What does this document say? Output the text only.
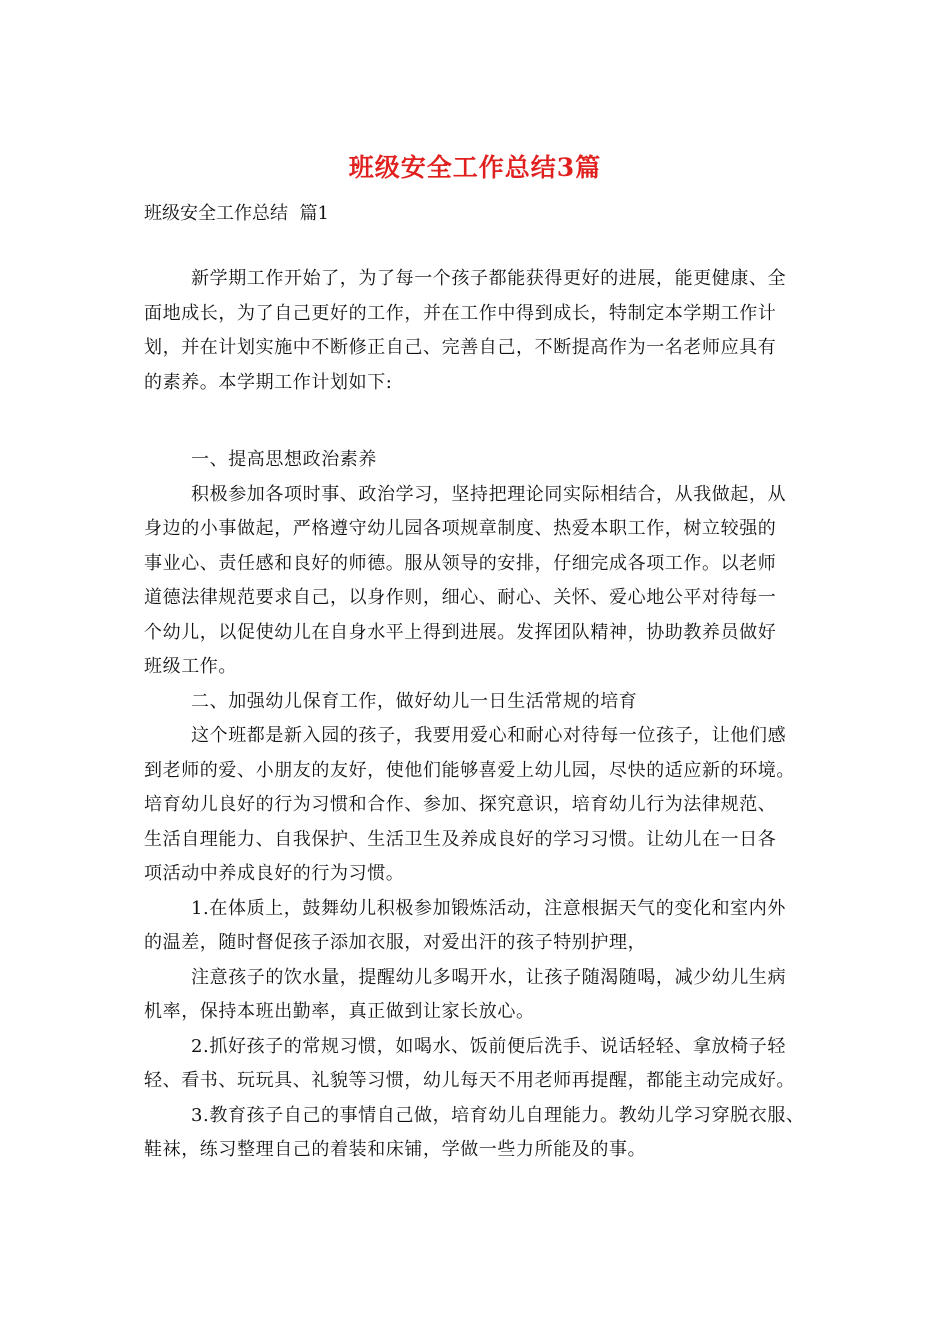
班级安全工作总结3篇
班级安全工作总结  篇1
新学期工作开始了，为了每一个孩子都能获得更好的进展，能更健康、全
面地成长，为了自己更好的工作，并在工作中得到成长，特制定本学期工作计
划，并在计划实施中不断修正自己、完善自己，不断提高作为一名老师应具有
的素养。本学期工作计划如下:
一、提高思想政治素养
积极参加各项时事、政治学习，坚持把理论同实际相结合，从我做起，从
身边的小事做起，严格遵守幼儿园各项规章制度、热爱本职工作，树立较强的
事业心、责任感和良好的师德。服从领导的安排，仔细完成各项工作。以老师
道德法律规范要求自己，以身作则，细心、耐心、关怀、爱心地公平对待每一
个幼儿，以促使幼儿在自身水平上得到进展。发挥团队精神，协助教养员做好
班级工作。
二、加强幼儿保育工作，做好幼儿一日生活常规的培育
这个班都是新入园的孩子，我要用爱心和耐心对待每一位孩子，让他们感
到老师的爱、小朋友的友好，使他们能够喜爱上幼儿园，尽快的适应新的环境。
培育幼儿良好的行为习惯和合作、参加、探究意识，培育幼儿行为法律规范、
生活自理能力、自我保护、生活卫生及养成良好的学习习惯。让幼儿在一日各
项活动中养成良好的行为习惯。
1.在体质上，鼓舞幼儿积极参加锻炼活动，注意根据天气的变化和室内外
的温差，随时督促孩子添加衣服，对爱出汗的孩子特别护理，
注意孩子的饮水量，提醒幼儿多喝开水，让孩子随渴随喝，减少幼儿生病
机率，保持本班出勤率，真正做到让家长放心。
2.抓好孩子的常规习惯，如喝水、饭前便后洗手、说话轻轻、拿放椅子轻
轻、看书、玩玩具、礼貌等习惯，幼儿每天不用老师再提醒，都能主动完成好。
3.教育孩子自己的事情自己做，培育幼儿自理能力。教幼儿学习穿脱衣服、
鞋袜，练习整理自己的着装和床铺，学做一些力所能及的事。
